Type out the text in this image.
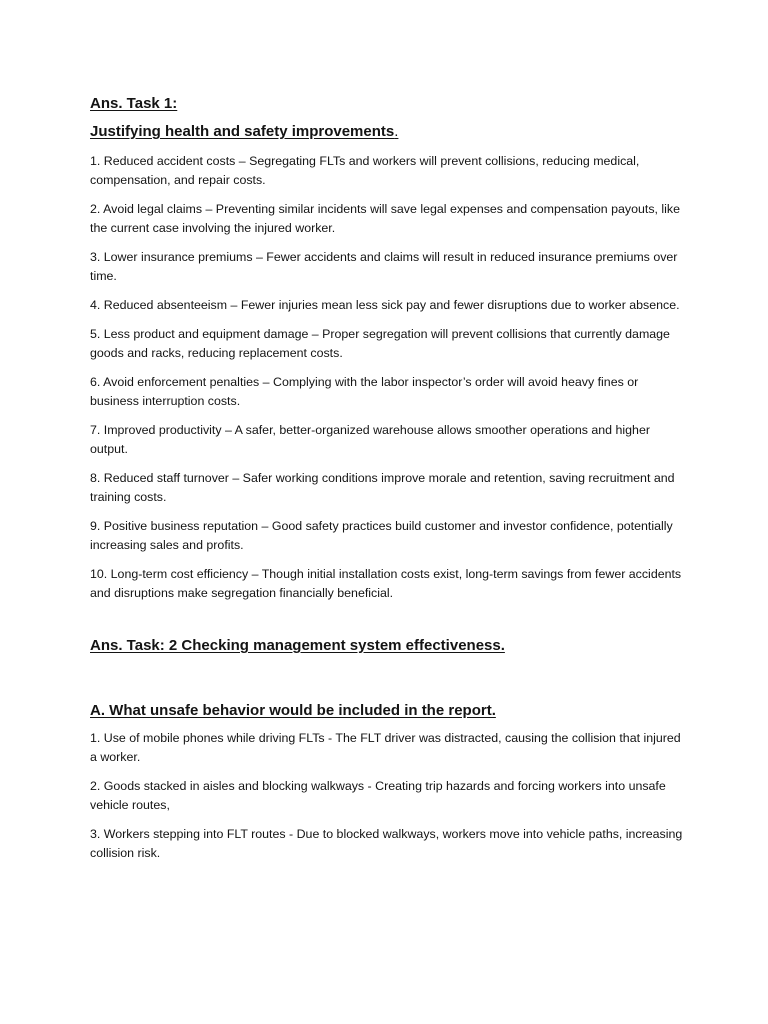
Ans. Task 1:

Justifying health and safety improvements.

1. Reduced accident costs – Segregating FLTs and workers will prevent collisions, reducing medical, compensation, and repair costs.
2. Avoid legal claims – Preventing similar incidents will save legal expenses and compensation payouts, like the current case involving the injured worker.
3. Lower insurance premiums – Fewer accidents and claims will result in reduced insurance premiums over time.
4. Reduced absenteeism – Fewer injuries mean less sick pay and fewer disruptions due to worker absence.
5. Less product and equipment damage – Proper segregation will prevent collisions that currently damage goods and racks, reducing replacement costs.
6. Avoid enforcement penalties – Complying with the labor inspector’s order will avoid heavy fines or business interruption costs.
7. Improved productivity – A safer, better-organized warehouse allows smoother operations and higher output.
8. Reduced staff turnover – Safer working conditions improve morale and retention, saving recruitment and training costs.
9. Positive business reputation – Good safety practices build customer and investor confidence, potentially increasing sales and profits.
10. Long-term cost efficiency – Though initial installation costs exist, long-term savings from fewer accidents and disruptions make segregation financially beneficial.

Ans. Task: 2 Checking management system effectiveness.

A. What unsafe behavior would be included in the report.

1. Use of mobile phones while driving FLTs - The FLT driver was distracted, causing the collision that injured a worker.
2. Goods stacked in aisles and blocking walkways - Creating trip hazards and forcing workers into unsafe vehicle routes,
3. Workers stepping into FLT routes - Due to blocked walkways, workers move into vehicle paths, increasing collision risk.
